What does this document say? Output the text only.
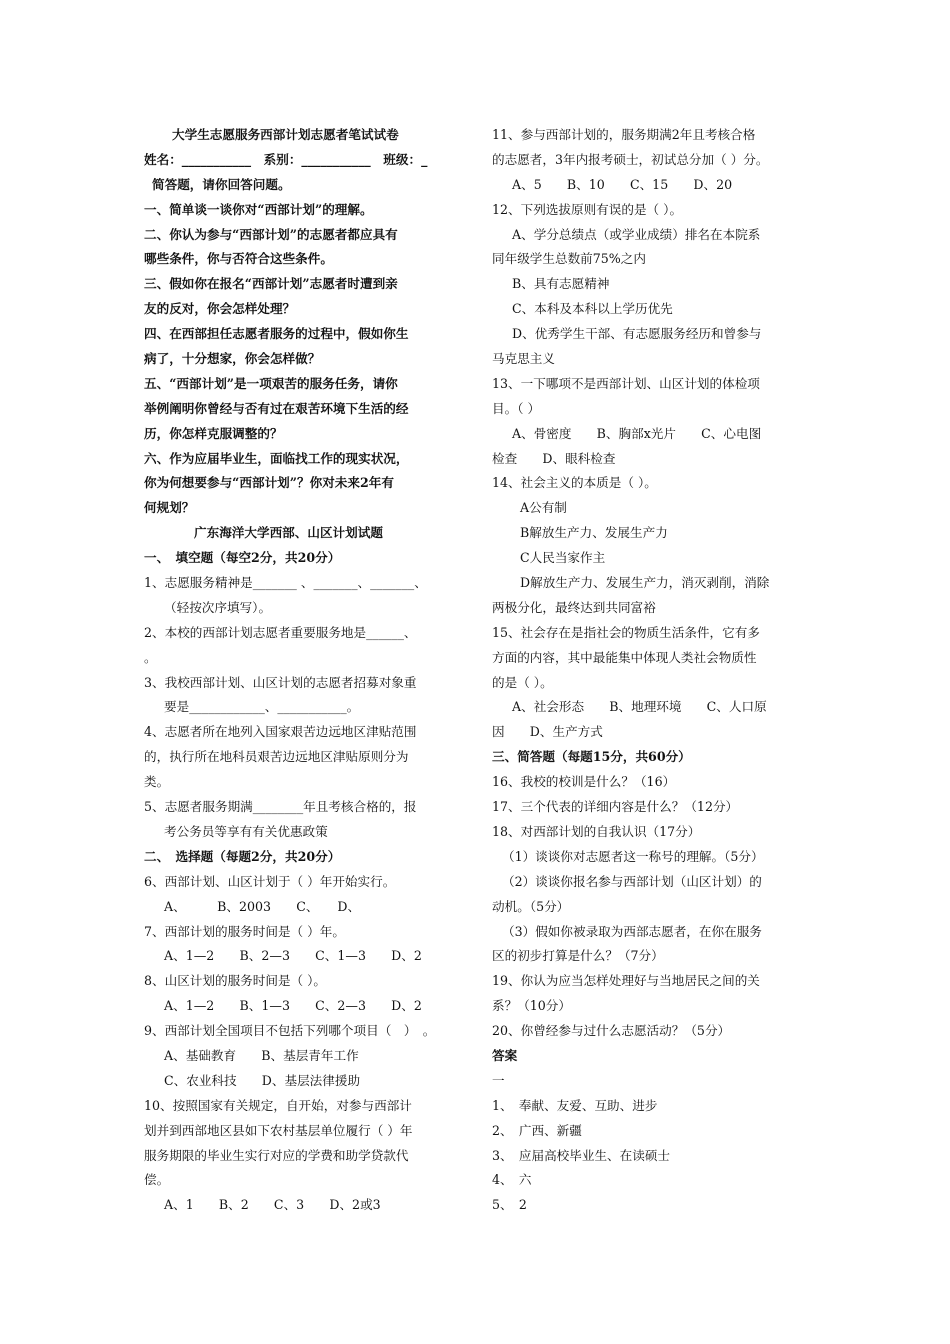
大学生志愿服务西部计划志愿者笔试试卷
姓名：___________　系别：___________　班级：_
简答题，请你回答问题。
一、简单谈一谈你对“西部计划”的理解。
二、你认为参与“西部计划”的志愿者都应具有
哪些条件，你与否符合这些条件。
三、假如你在报名“西部计划”志愿者时遭到亲
友的反对，你会怎样处理？
四、在西部担任志愿者服务的过程中，假如你生
病了，十分想家，你会怎样做？
五、“西部计划”是一项艰苦的服务任务，请你
举例阐明你曾经与否有过在艰苦环境下生活的经
历，你怎样克服调整的？
六、作为应届毕业生，面临找工作的现实状况，
你为何想要参与“西部计划”？你对未来2年有
何规划？
广东海洋大学西部、山区计划试题
一、　填空题（每空2分，共20分）
1、志愿服务精神是_______ 、_______、_______、
（轻按次序填写）。
2、本校的西部计划志愿者重要服务地是______、
。
3、我校西部计划、山区计划的志愿者招募对象重
要是____________、___________。
4、志愿者所在地列入国家艰苦边远地区津贴范围
的，执行所在地科员艰苦边远地区津贴原则分为
类。
5、志愿者服务期满________年且考核合格的，报
考公务员等享有有关优惠政策
二、　选择题（每题2分，共20分）
6、西部计划、山区计划于（ ）年开始实行。
A、　　　B、2003　　C、　　D、
7、西部计划的服务时间是（ ）年。
A、1—2　　B、2—3　　C、1—3　　D、2
8、山区计划的服务时间是（ ）。
A、1—2　　B、1—3　　C、2—3　　D、2
9、西部计划全国项目不包括下列哪个项目（　）　。
A、基础教育　　B、基层青年工作
C、农业科技　　D、基层法律援助
10、按照国家有关规定，自开始，对参与西部计
划并到西部地区县如下农村基层单位履行（ ）年
服务期限的毕业生实行对应的学费和助学贷款代
偿。
A、1　　B、2　　C、3　　D、2或3
11、参与西部计划的，服务期满2年且考核合格
的志愿者，3年内报考硕士，初试总分加（ ）分。
A、5　　B、10　　C、15　　D、20
12、下列选拔原则有误的是（ ）。
A、学分总绩点（或学业成绩）排名在本院系
同年级学生总数前75%之内
B、具有志愿精神
C、本科及本科以上学历优先
D、优秀学生干部、有志愿服务经历和曾参与
马克思主义
13、一下哪项不是西部计划、山区计划的体检项
目。（ ）
A、骨密度　　B、胸部x光片　　C、心电图
检查　　D、眼科检查
14、社会主义的本质是（ ）。
A公有制
B解放生产力、发展生产力
C人民当家作主
D解放生产力、发展生产力，消灭剥削，消除
两极分化，最终达到共同富裕
15、社会存在是指社会的物质生活条件，它有多
方面的内容，其中最能集中体现人类社会物质性
的是（ ）。
A、社会形态　　B、地理环境　　C、人口原
因　　D、生产方式
三、简答题（每题15分，共60分）
16、我校的校训是什么？（16）
17、三个代表的详细内容是什么？（12分）
18、对西部计划的自我认识（17分）
（1）谈谈你对志愿者这一称号的理解。（5分）
（2）谈谈你报名参与西部计划（山区计划）的
动机。（5分）
（3）假如你被录取为西部志愿者，在你在服务
区的初步打算是什么？（7分）
19、你认为应当怎样处理好与当地居民之间的关
系？（10分）
20、你曾经参与过什么志愿活动？（5分）
答案
一
1、　奉献、友爱、互助、进步
2、　广西、新疆
3、　应届高校毕业生、在读硕士
4、　六
5、　2
